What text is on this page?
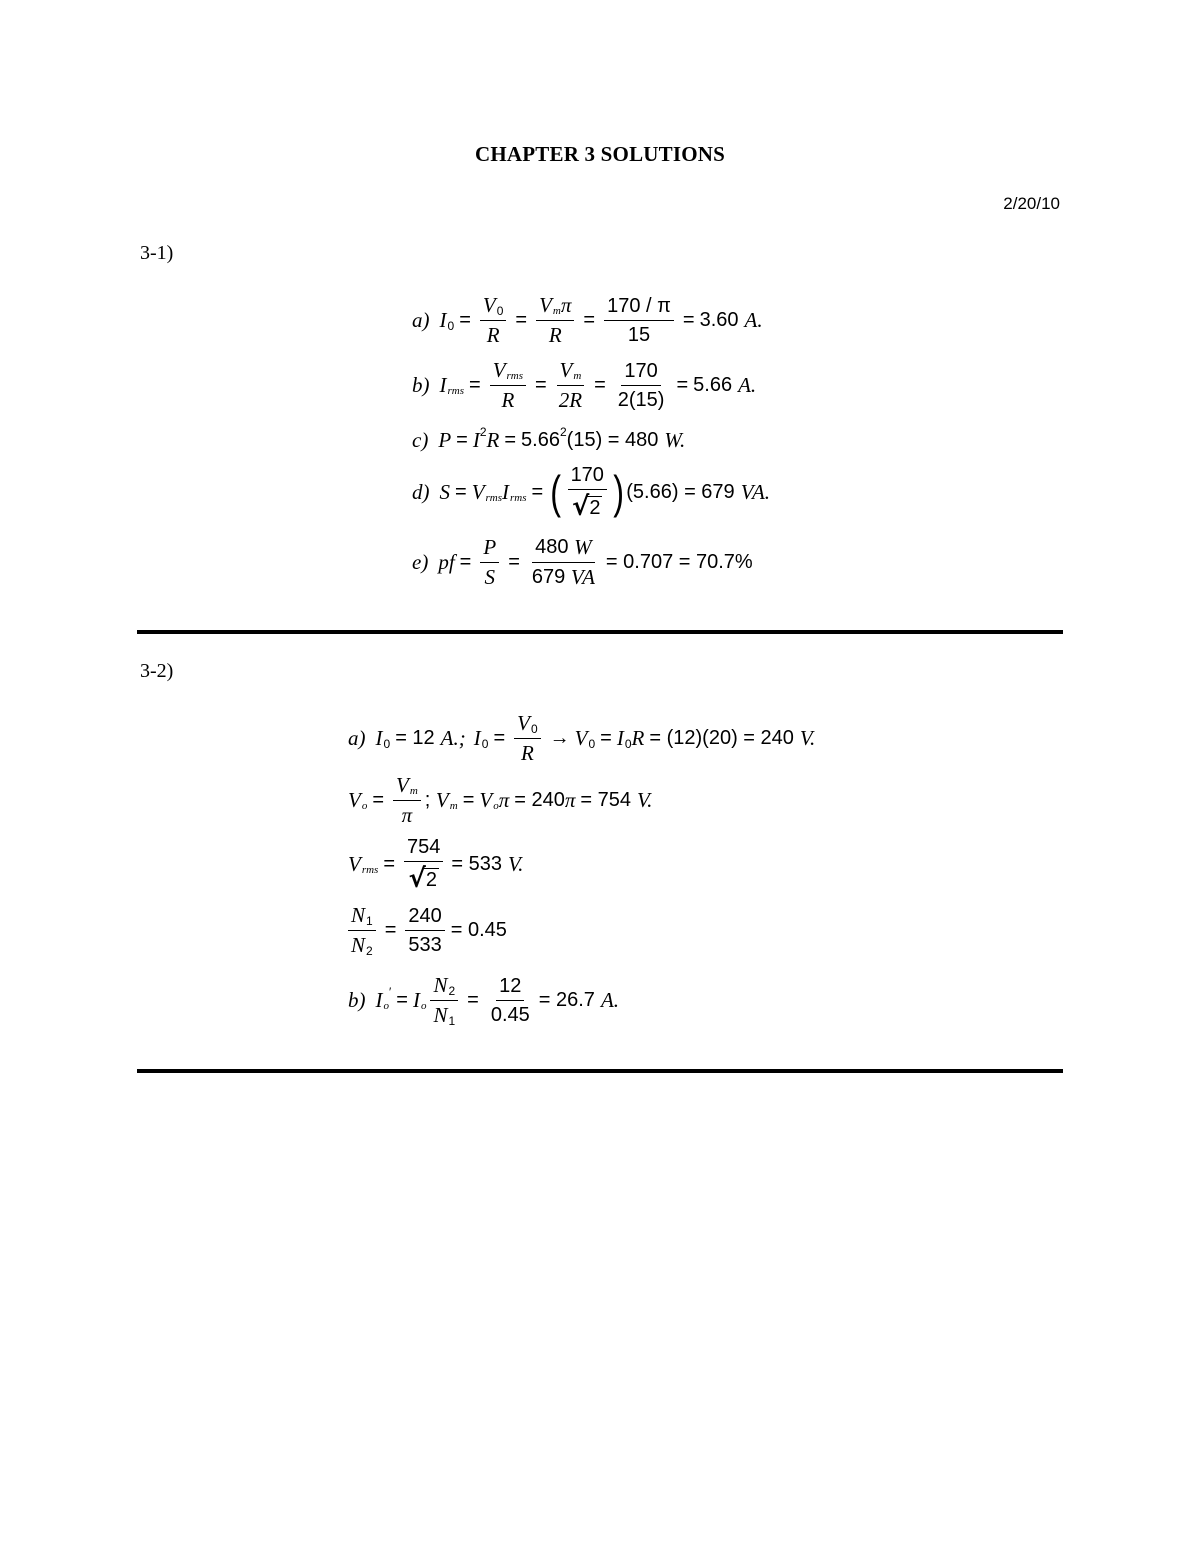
CHAPTER 3 SOLUTIONS
2/20/10
3-1)
a) I $0 = \frac{V 0}{R} = \frac{\text{V m π}}{R} = \frac{170 / \pi}{15} = 3.60$ A.
b) I rms = $\frac{\text{V rms}}{R} = \frac{\text{V m}}{2R} = \frac{170}{2(15)} = 5.66$ A.
c) P = I 2 R = 5.66 2 (15) = 480 W.
d) S = V rms I rms = ( $\frac{170}{√ 2}$ ) (5.66) = 679 VA.
e) pf = $\frac{P}{S} = 480$
W
679
VA = 0.707 = 70.7%
3-2)
a) I 0 = 12 A.; I $0 = \frac{V 0}{R} \to V$ 0 = I 0 R = (12)(20) = 240 V.
V $o = \frac{\text{V m}}{\pi}$ ; V m = V o π = 240 π = 754 V.
V rms = $\frac{754}{√ 2} = 533$ V.
$\frac{N 1}{N 2} = \frac{240}{533} = 0.45$
b) I o
′ = I o $\frac{N 2}{N 1} = \frac{12}{0.45} = 26.7$ A.
